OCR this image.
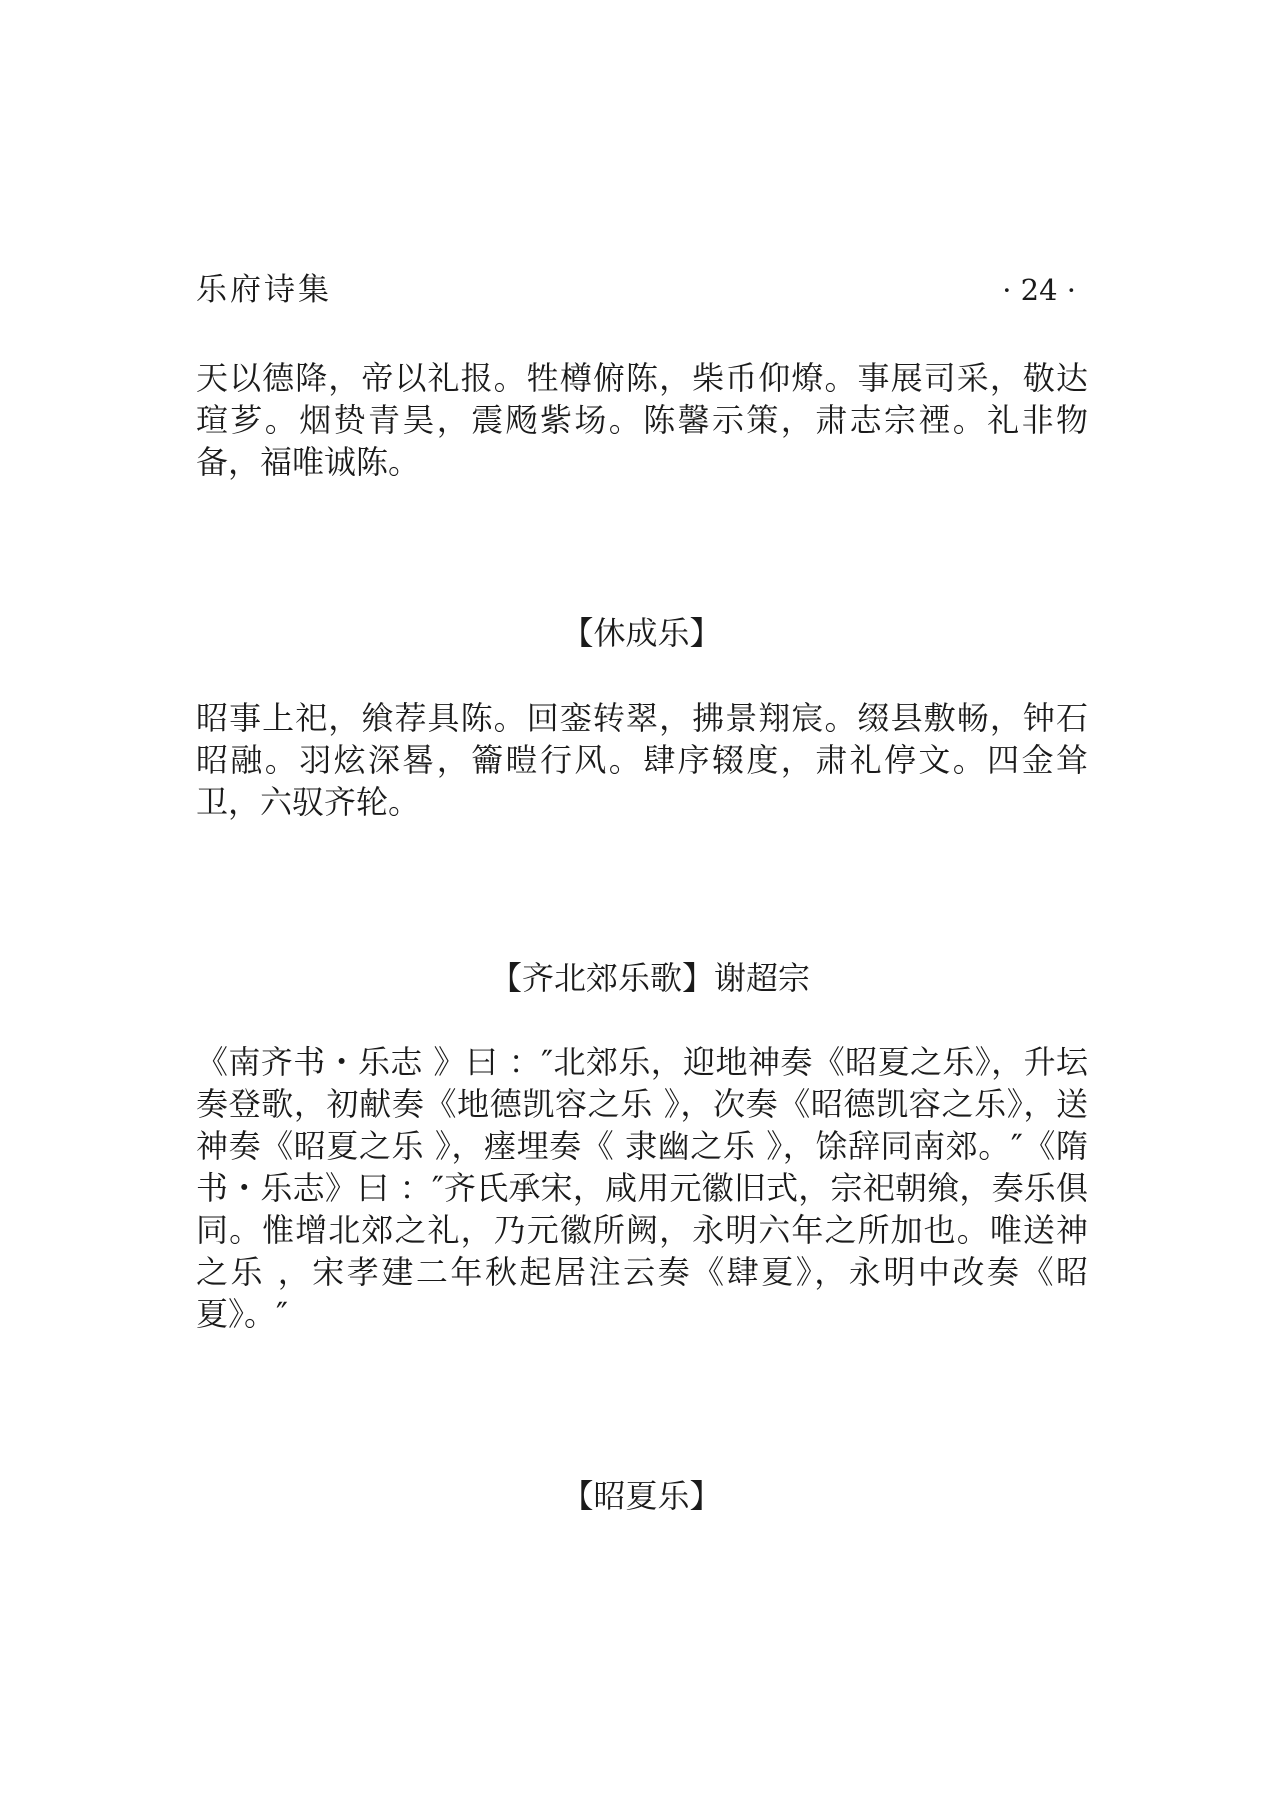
乐府诗集	· 24 ·

天以德降，帝以礼报。牲樽俯陈，柴币仰燎。事展司采，敬达瑄芗。烟贽青昊，震飏紫场。陈馨示策，肃志宗禋。礼非物备，福唯诚陈。

【休成乐】

昭事上祀，飨荐具陈。回銮转翠，拂景翔宸。缀县敷畅，钟石昭融。羽炫深晷，籥暟行风。肆序辍度，肃礼停文。四金耸卫，六驭齐轮。

【齐北郊乐歌】谢超宗

《南齐书・乐志 》曰 ：″北郊乐，迎地神奏《昭夏之乐》，升坛奏登歌，初献奏《地德凯容之乐 》，次奏《昭德凯容之乐》，送神奏《昭夏之乐 》，瘗埋奏《 隶幽之乐 》，馀辞同南郊。″《隋书・乐志》曰 ：″齐氏承宋，咸用元徽旧式，宗祀朝飨，奏乐俱同。惟增北郊之礼，乃元徽所阙，永明六年之所加也。唯送神之乐 ，宋孝建二年秋起居注云奏《肆夏》，永明中改奏《昭夏》。″

【昭夏乐】
